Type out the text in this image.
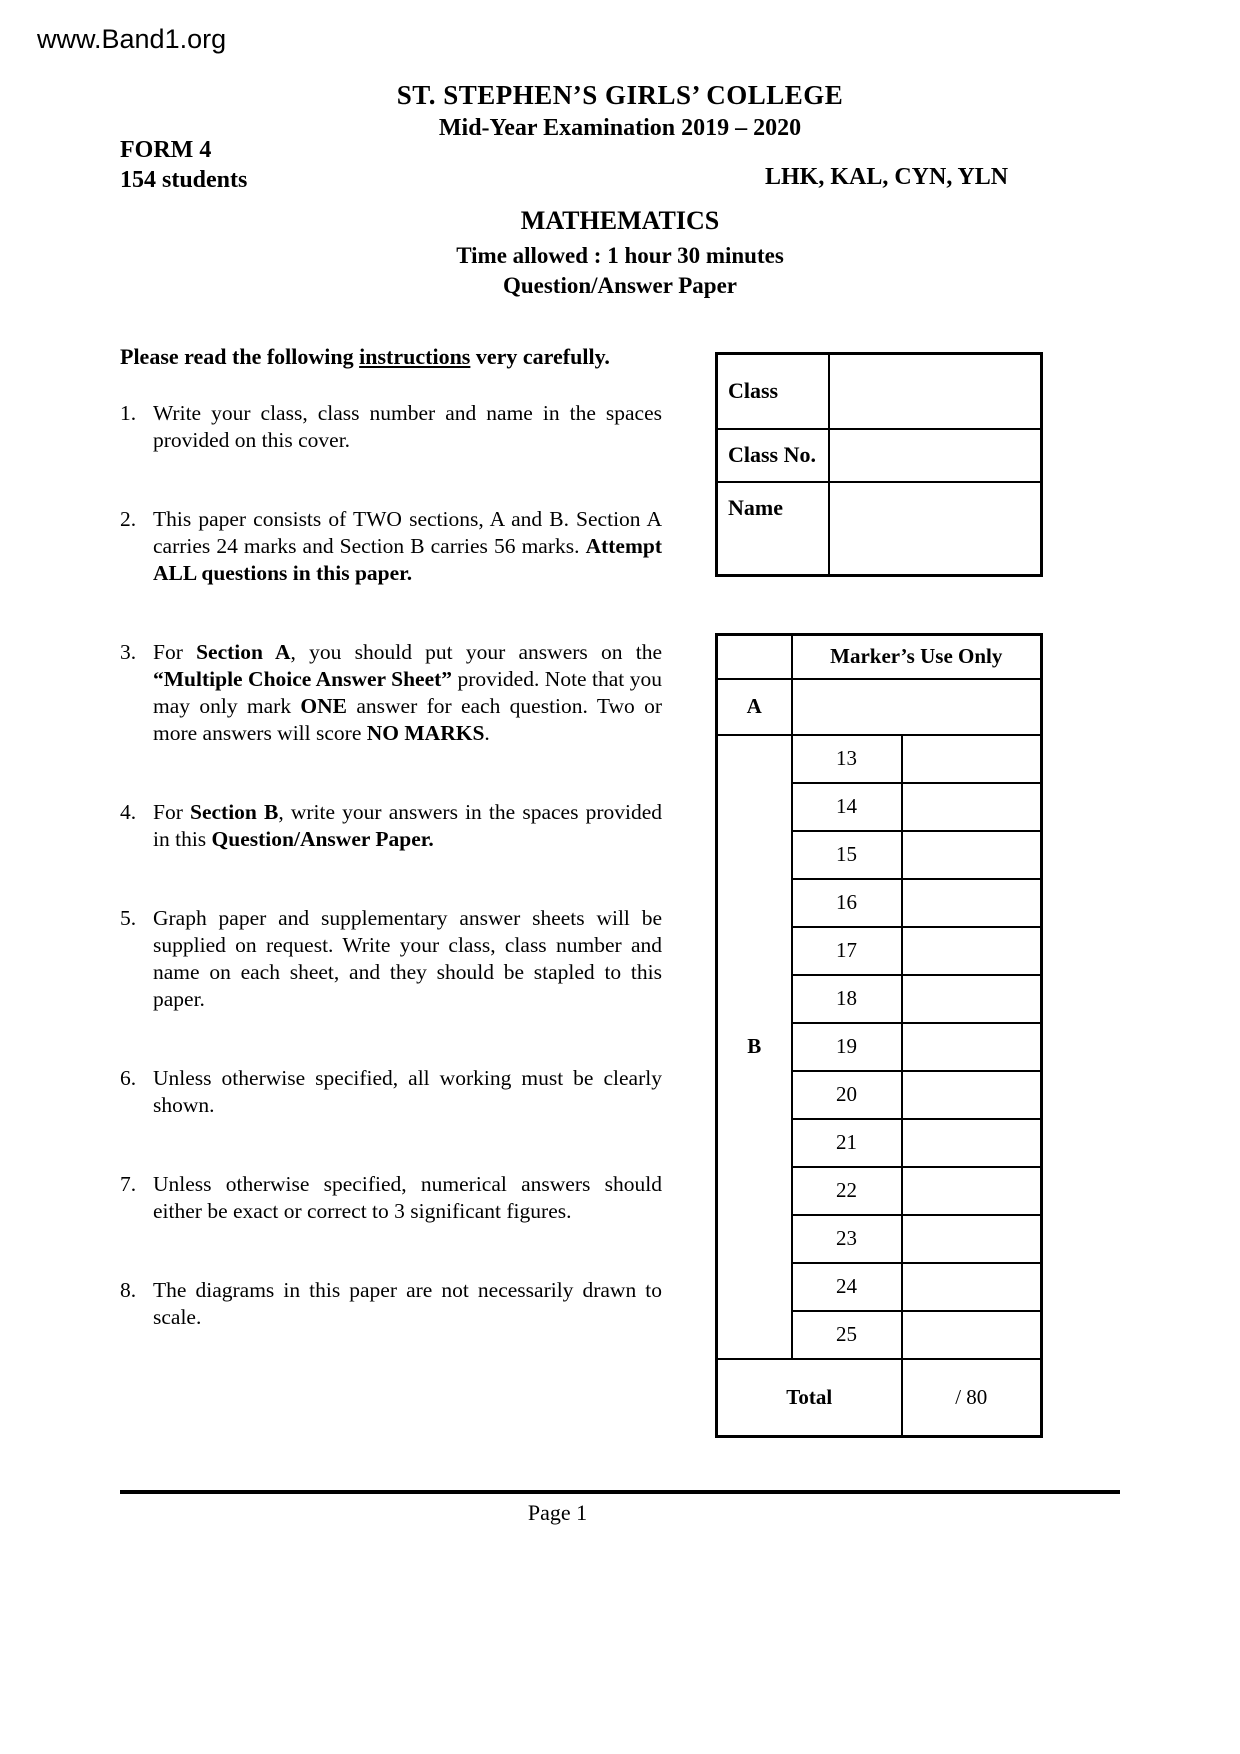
www.Band1.org
ST. STEPHEN’S GIRLS’ COLLEGE
Mid-Year Examination 2019 – 2020
FORM 4
154 students	LHK, KAL, CYN, YLN
MATHEMATICS
Time allowed : 1 hour 30 minutes
Question/Answer Paper
Please read the following instructions very carefully.
1. Write your class, class number and name in the spaces provided on this cover.
2. This paper consists of TWO sections, A and B. Section A carries 24 marks and Section B carries 56 marks. Attempt ALL questions in this paper.
3. For Section A, you should put your answers on the “Multiple Choice Answer Sheet” provided. Note that you may only mark ONE answer for each question. Two or more answers will score NO MARKS.
4. For Section B, write your answers in the spaces provided in this Question/Answer Paper.
5. Graph paper and supplementary answer sheets will be supplied on request. Write your class, class number and name on each sheet, and they should be stapled to this paper.
6. Unless otherwise specified, all working must be clearly shown.
7. Unless otherwise specified, numerical answers should either be exact or correct to 3 significant figures.
8. The diagrams in this paper are not necessarily drawn to scale.
Class	
Class No.	
Name	
	Marker’s Use Only	
A		
B	13	
	14	
	15	
	16	
	17	
	18	
	19	
	20	
	21	
	22	
	23	
	24	
	25	
Total		/ 80
Page 1
